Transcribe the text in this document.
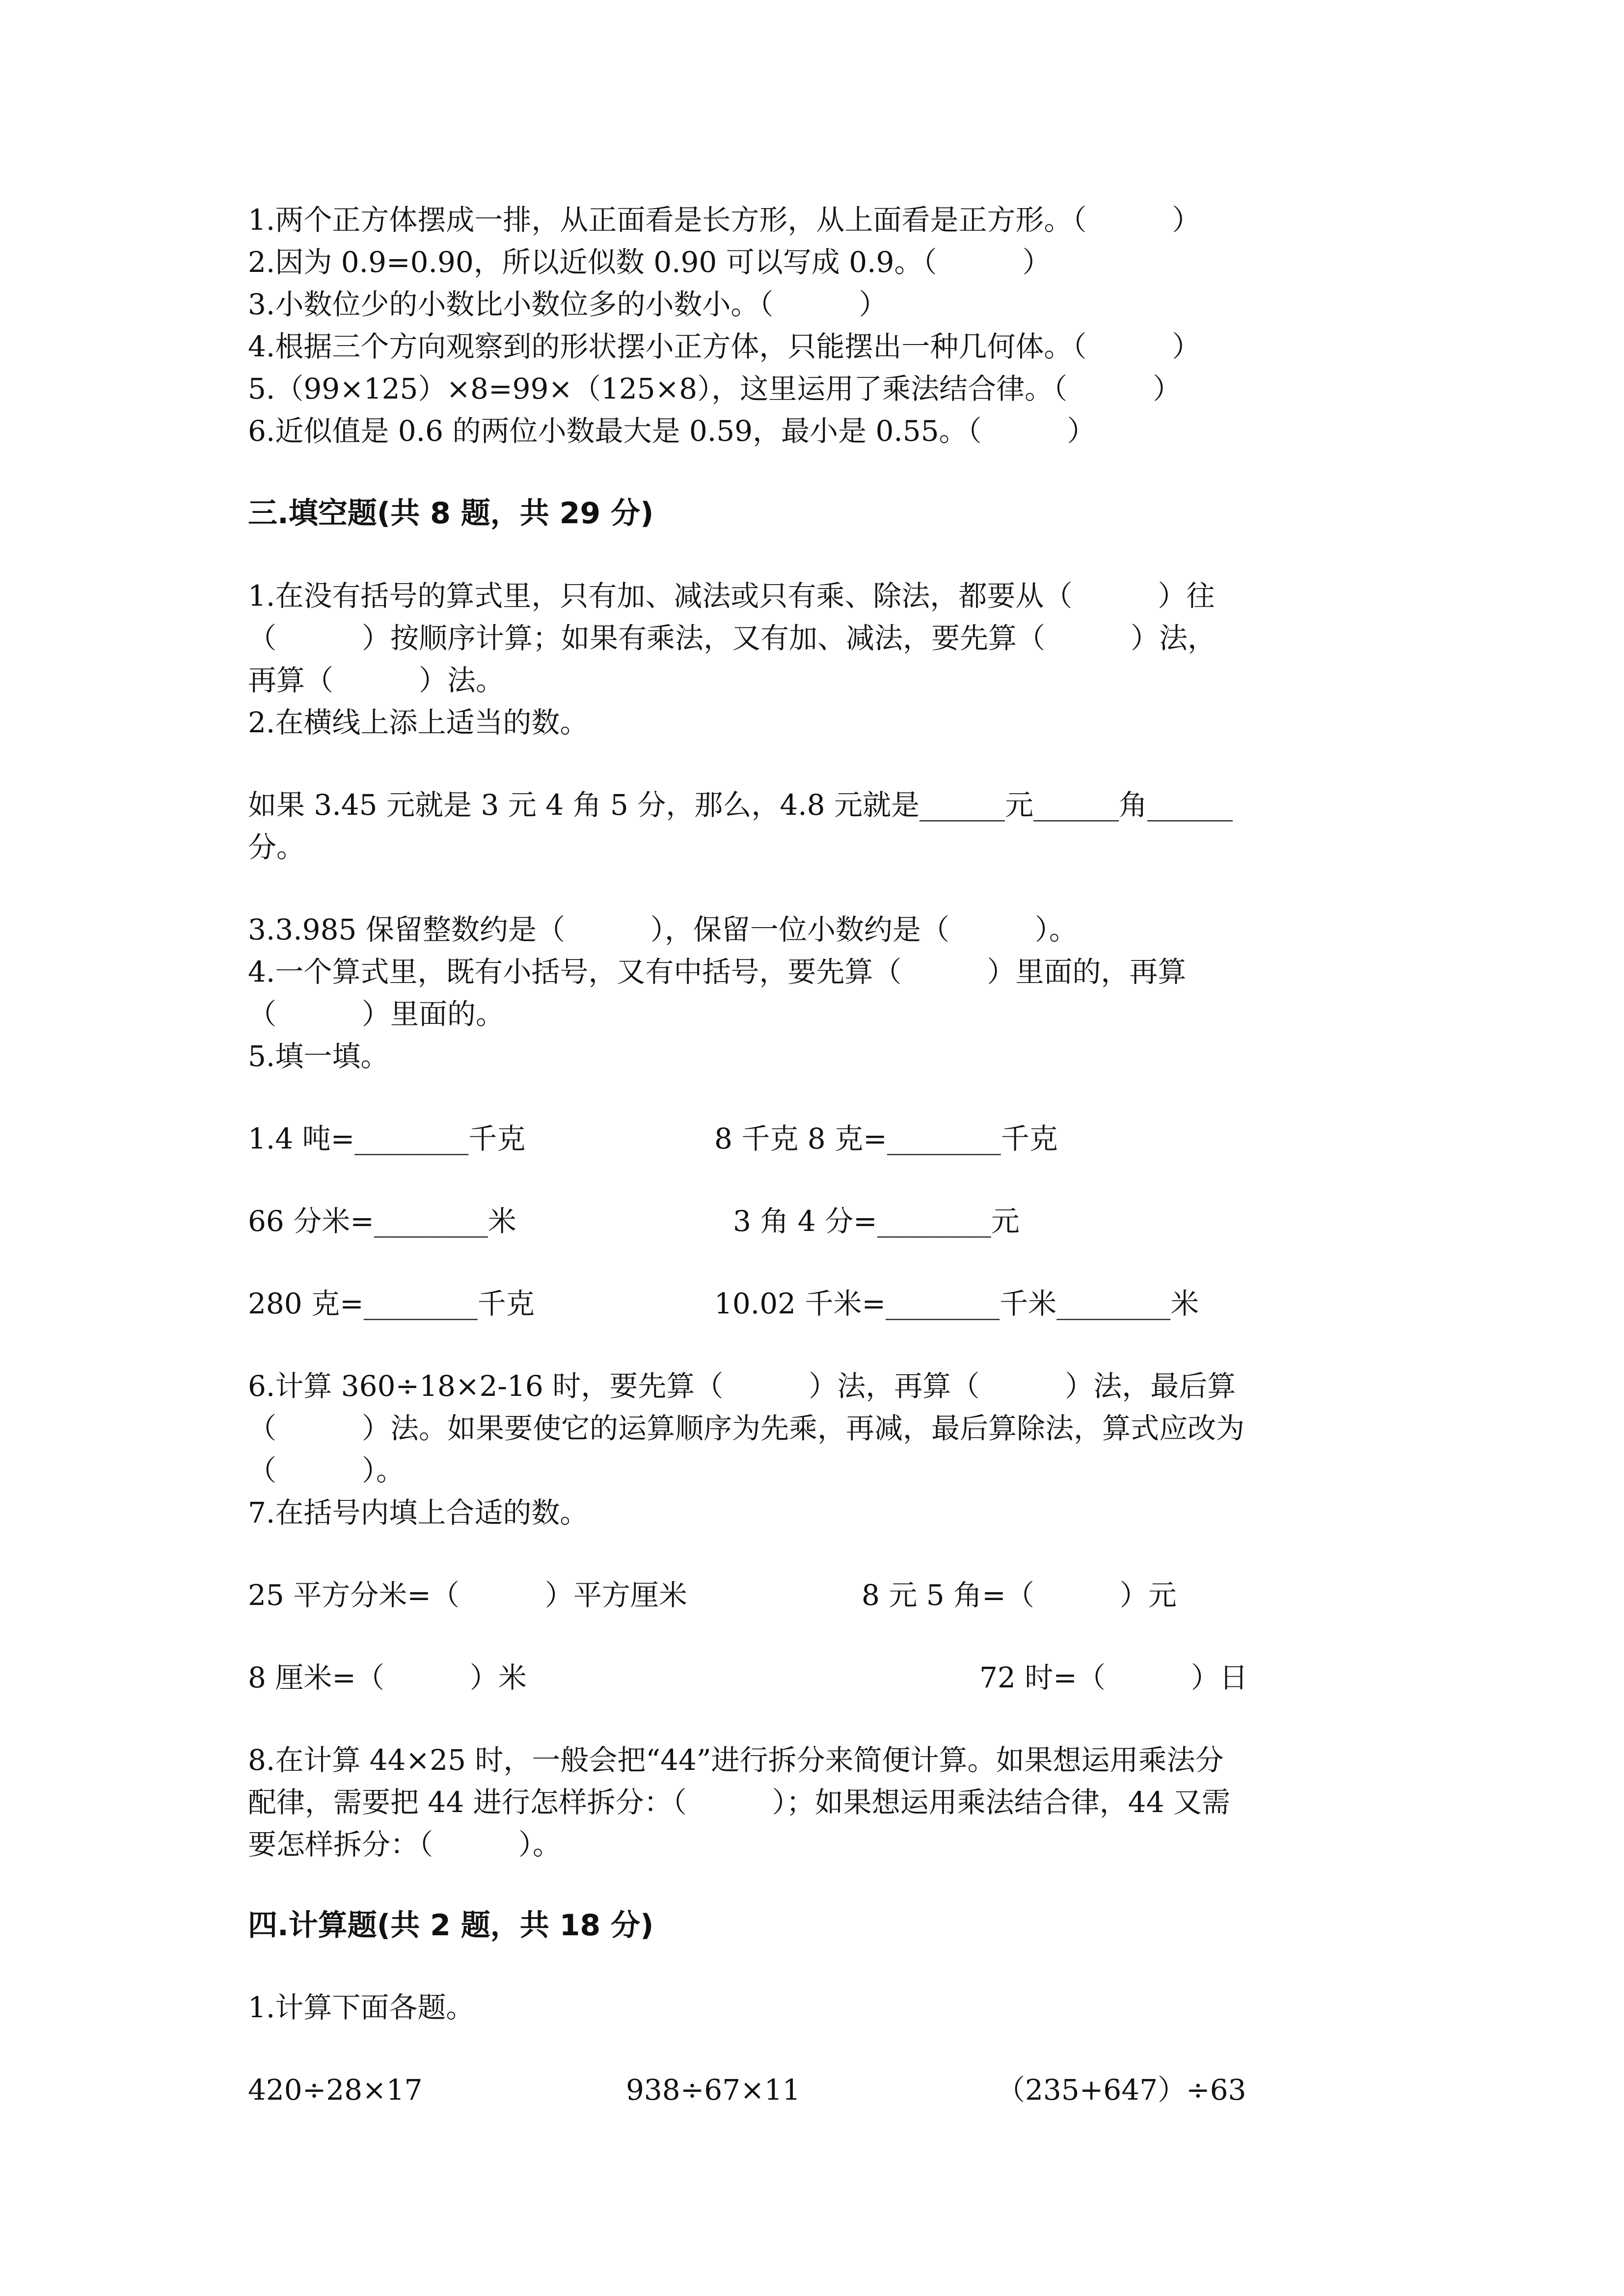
1.两个正方体摆成一排，从正面看是长方形，从上面看是正方形。（　　　）
2.因为 0.9=0.90，所以近似数 0.90 可以写成 0.9。（　　　）
3.小数位少的小数比小数位多的小数小。（　　　）
4.根据三个方向观察到的形状摆小正方体，只能摆出一种几何体。（　　　）
5.（99×125）×8=99×（125×8），这里运用了乘法结合律。（　　　）
6.近似值是 0.6 的两位小数最大是 0.59，最小是 0.55。（　　　）
三.填空题(共 8 题，共 29 分)
1.在没有括号的算式里，只有加、减法或只有乘、除法，都要从（　　　）往
（　　　）按顺序计算；如果有乘法，又有加、减法，要先算（　　　）法，
再算（　　　）法。
2.在横线上添上适当的数。
如果 3.45 元就是 3 元 4 角 5 分，那么，4.8 元就是______元______角______
分。
3.3.985 保留整数约是（　　　），保留一位小数约是（　　　）。
4.一个算式里，既有小括号，又有中括号，要先算（　　　）里面的，再算
（　　　）里面的。
5.填一填。
1.4 吨=________千克	8 千克 8 克=________千克
66 分米=________米	3 角 4 分=________元
280 克=________千克	10.02 千米=________千米________米
6.计算 360÷18×2-16 时，要先算（　　　）法，再算（　　　）法，最后算
（　　　）法。如果要使它的运算顺序为先乘，再减，最后算除法，算式应改为
（　　　）。
7.在括号内填上合适的数。
25 平方分米=（　　　）平方厘米	8 元 5 角=（　　　）元
8 厘米=（　　　）米	72 时=（　　　）日
8.在计算 44×25 时，一般会把“44”进行拆分来简便计算。如果想运用乘法分
配律，需要把 44 进行怎样拆分：（　　　）；如果想运用乘法结合律，44 又需
要怎样拆分：（　　　）。
四.计算题(共 2 题，共 18 分)
1.计算下面各题。
420÷28×17	938÷67×11	（235+647）÷63
